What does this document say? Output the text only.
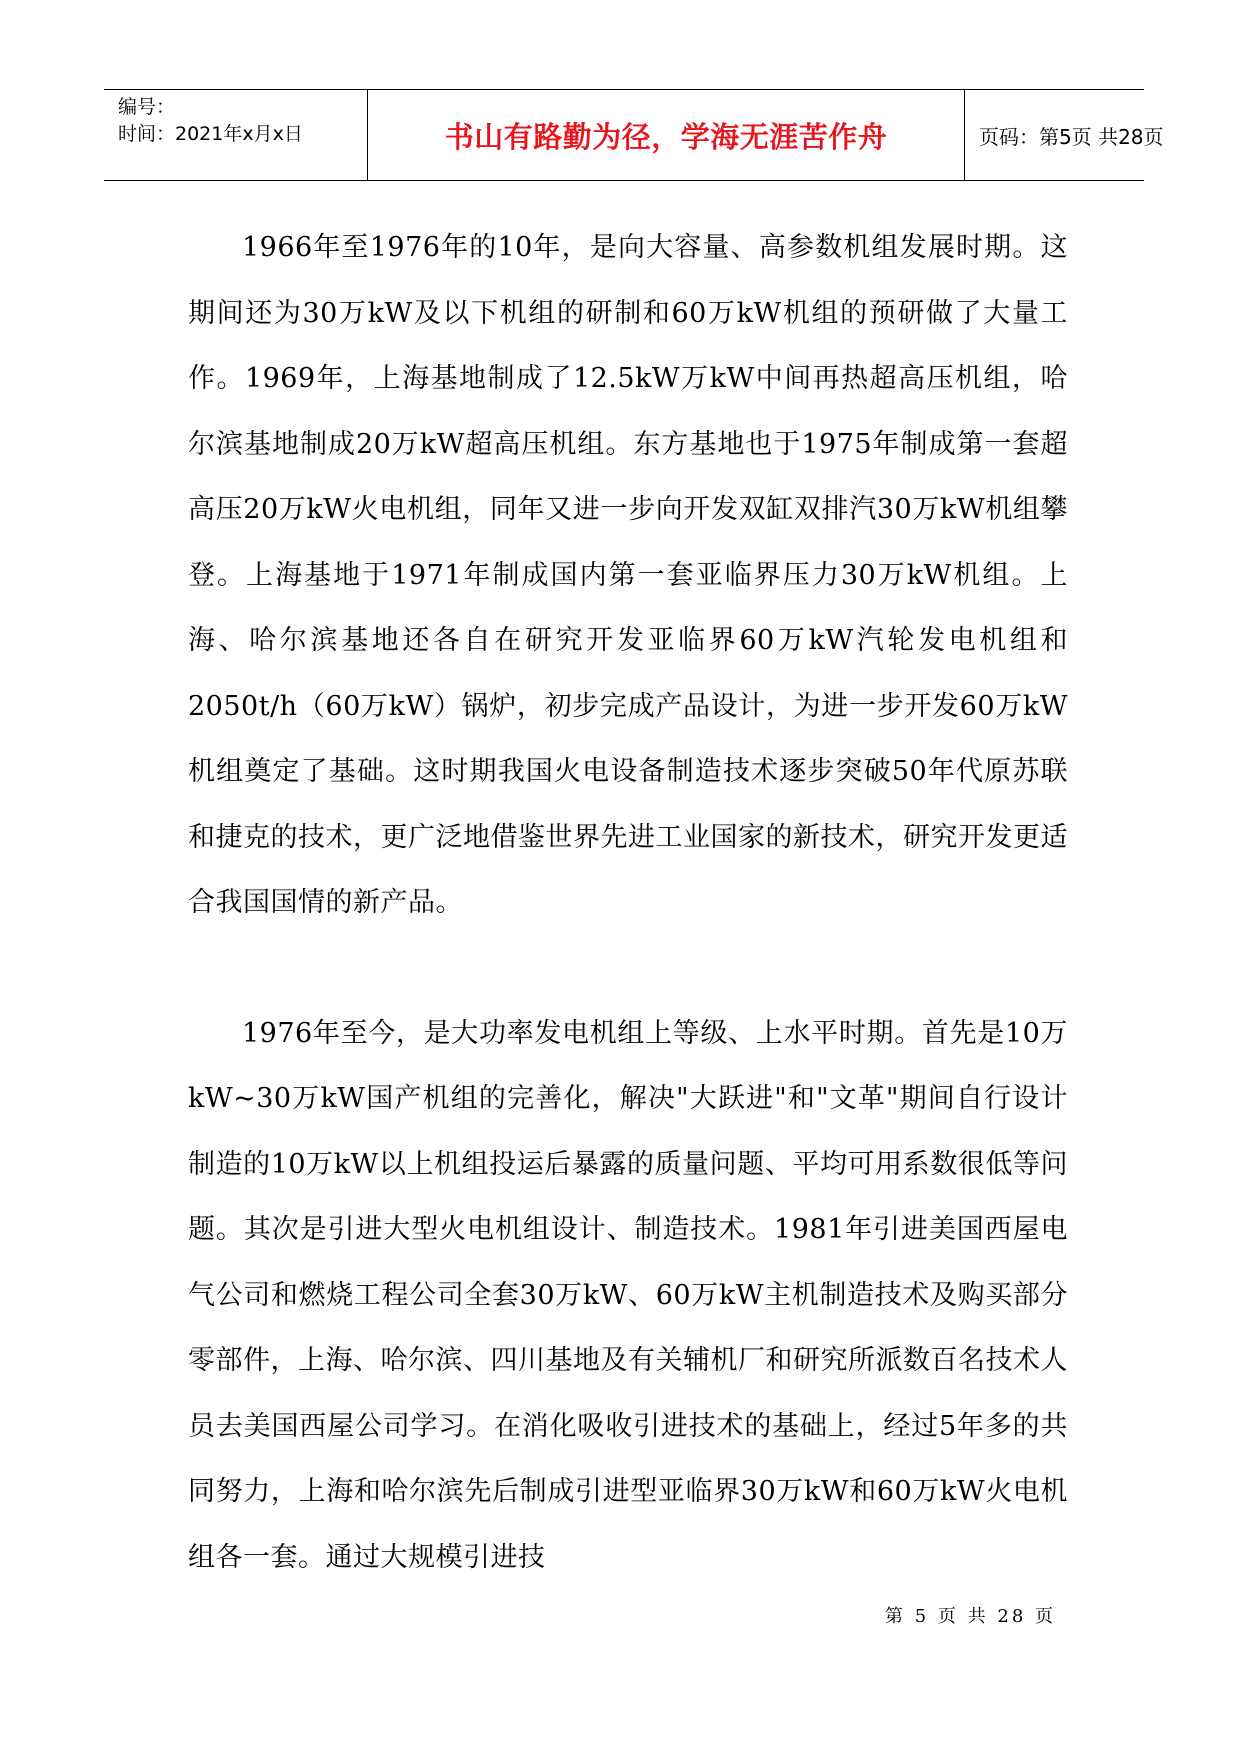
编号：
时间：2021年x月x日	书山有路勤为径，学海无涯苦作舟	页码：第5页 共28页

1966年至1976年的10年，是向大容量、高参数机组发展时期。这期间还为30万kW及以下机组的研制和60万kW机组的预研做了大量工作。1969年，上海基地制成了12.5kW万kW中间再热超高压机组，哈尔滨基地制成20万kW超高压机组。东方基地也于1975年制成第一套超高压20万kW火电机组，同年又进一步向开发双缸双排汽30万kW机组攀登。上海基地于1971年制成国内第一套亚临界压力30万kW机组。上海、哈尔滨基地还各自在研究开发亚临界60万kW汽轮发电机组和2050t/h（60万kW）锅炉，初步完成产品设计，为进一步开发60万kW机组奠定了基础。这时期我国火电设备制造技术逐步突破50年代原苏联和捷克的技术，更广泛地借鉴世界先进工业国家的新技术，研究开发更适合我国国情的新产品。

1976年至今，是大功率发电机组上等级、上水平时期。首先是10万kW~30万kW国产机组的完善化，解决"大跃进"和"文革"期间自行设计制造的10万kW以上机组投运后暴露的质量问题、平均可用系数很低等问题。其次是引进大型火电机组设计、制造技术。1981年引进美国西屋电气公司和燃烧工程公司全套30万kW、60万kW主机制造技术及购买部分零部件，上海、哈尔滨、四川基地及有关辅机厂和研究所派数百名技术人员去美国西屋公司学习。在消化吸收引进技术的基础上，经过5年多的共同努力，上海和哈尔滨先后制成引进型亚临界30万kW和60万kW火电机组各一套。通过大规模引进技

第 5 页 共 28 页
